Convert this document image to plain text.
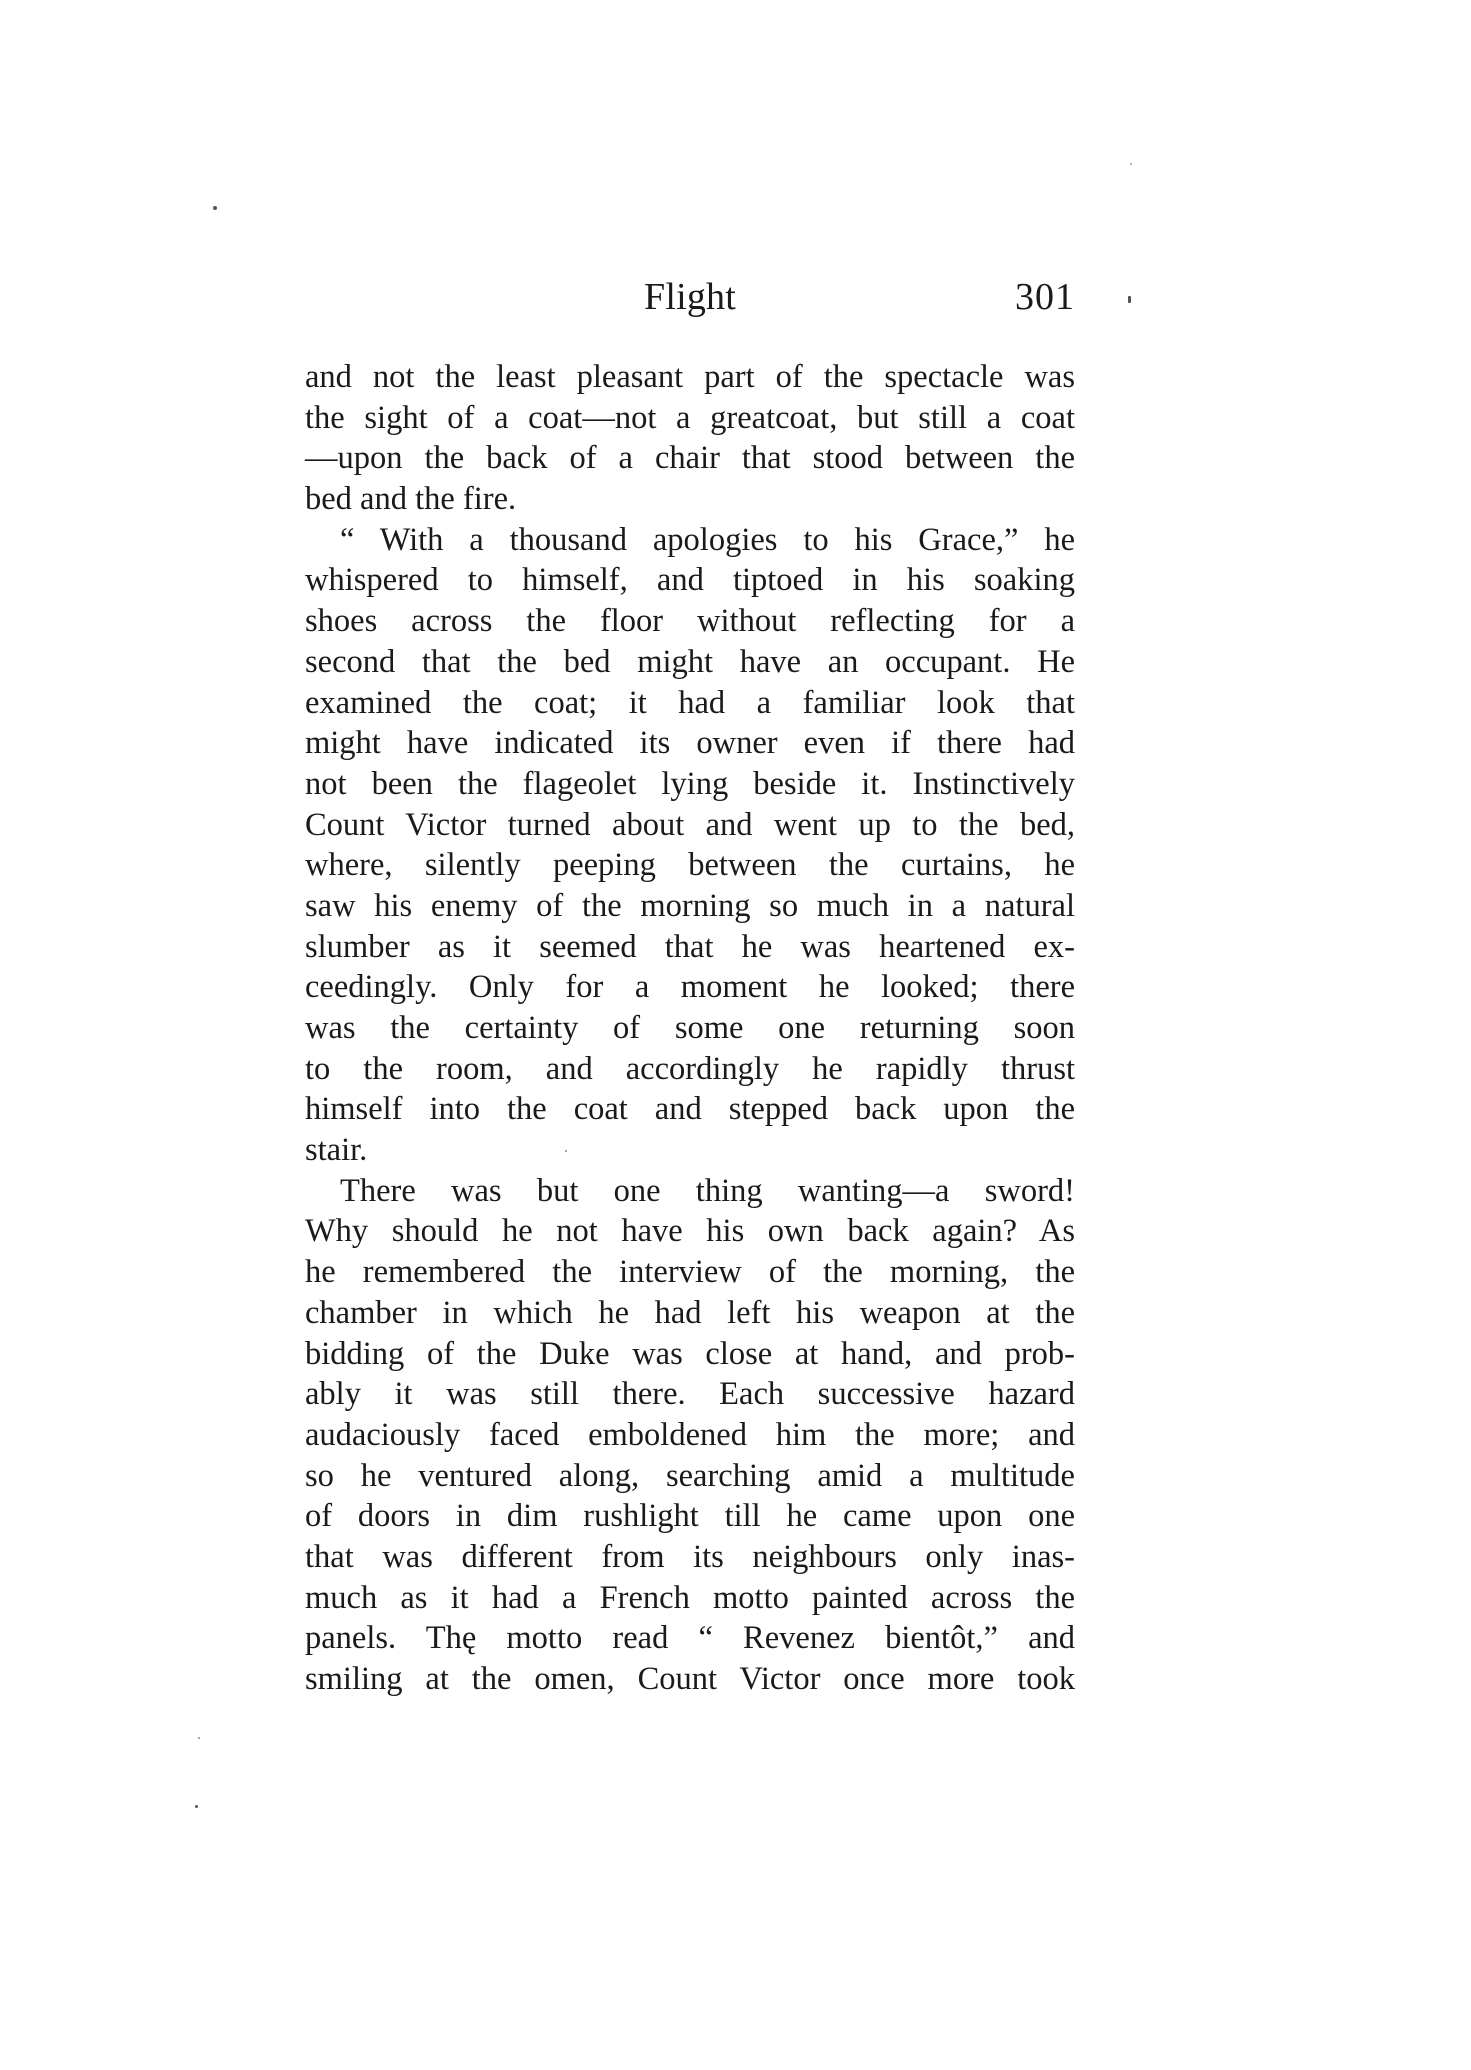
Flight	301
and not the least pleasant part of the spectacle was
the sight of a coat—not a greatcoat, but still a coat
—upon the back of a chair that stood between the
bed and the fire.
“ With a thousand apologies to his Grace,” he
whispered to himself, and tiptoed in his soaking
shoes across the floor without reflecting for a
second that the bed might have an occupant. He
examined the coat; it had a familiar look that
might have indicated its owner even if there had
not been the flageolet lying beside it. Instinctively
Count Victor turned about and went up to the bed,
where, silently peeping between the curtains, he
saw his enemy of the morning so much in a natural
slumber as it seemed that he was heartened ex-
ceedingly. Only for a moment he looked; there
was the certainty of some one returning soon
to the room, and accordingly he rapidly thrust
himself into the coat and stepped back upon the
stair.
There was but one thing wanting—a sword!
Why should he not have his own back again? As
he remembered the interview of the morning, the
chamber in which he had left his weapon at the
bidding of the Duke was close at hand, and prob-
ably it was still there. Each successive hazard
audaciously faced emboldened him the more; and
so he ventured along, searching amid a multitude
of doors in dim rushlight till he came upon one
that was different from its neighbours only inas-
much as it had a French motto painted across the
panels. Thę motto read “ Revenez bientôt,” and
smiling at the omen, Count Victor once more took
